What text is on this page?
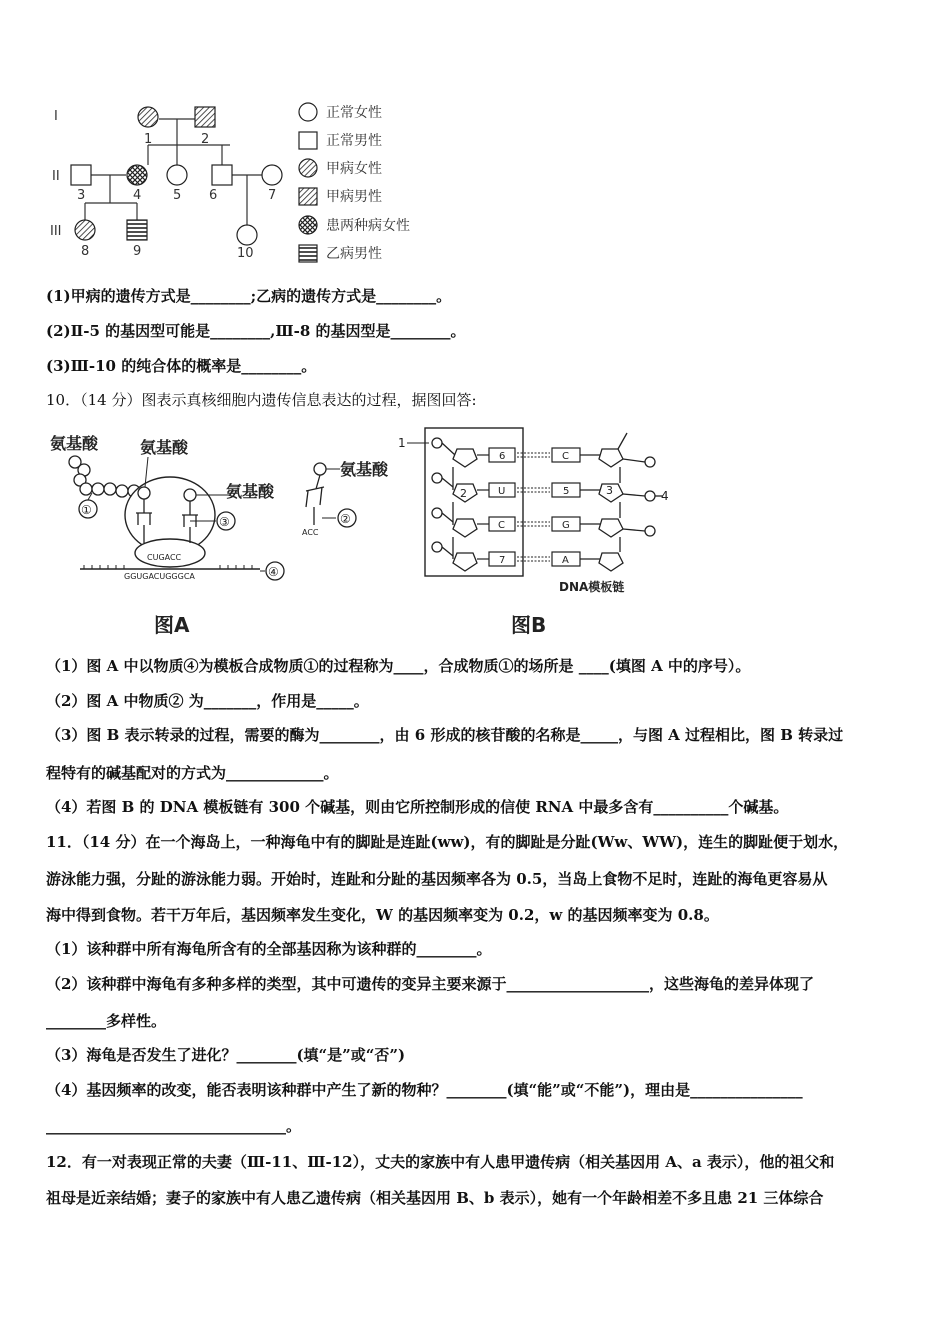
I
II
III
1	2
3	4 5 6	7
8	9	10
正常女性
正常男性
甲病女性
甲病男性
患两种病女性
乙病男性
(1)甲病的遗传方式是________;乙病的遗传方式是________。
(2)Ⅱ-5 的基因型可能是________,Ⅲ-8 的基因型是________。
(3)Ⅲ-10 的纯合体的概率是________。
10．（14 分）图表示真核细胞内遗传信息表达的过程，据图回答:
氨基酸	氨基酸
氨基酸
①
③
CUGACC
GGUGACUGGGCA	④
图A
氨基酸
②
ACC
1
2
6
U
C
7
C
5
G
A
3	4
DNA模板链
图B
（1）图 A 中以物质④为模板合成物质①的过程称为____，合成物质①的场所是 ____(填图 A 中的序号）。
（2）图 A 中物质② 为_______，作用是_____。
（3）图 B 表示转录的过程，需要的酶为________，由 6 形成的核苷酸的名称是_____，与图 A 过程相比，图 B 转录过
程特有的碱基配对的方式为_____________。
（4）若图 B 的 DNA 模板链有 300 个碱基，则由它所控制形成的信使 RNA 中最多含有__________个碱基。
11．（14 分）在一个海岛上，一种海龟中有的脚趾是连趾(ww)，有的脚趾是分趾(Ww、WW)，连生的脚趾便于划水，
游泳能力强，分趾的游泳能力弱。开始时，连趾和分趾的基因频率各为 0.5，当岛上食物不足时，连趾的海龟更容易从
海中得到食物。若干万年后，基因频率发生变化，W 的基因频率变为 0.2，w 的基因频率变为 0.8。
（1）该种群中所有海龟所含有的全部基因称为该种群的________。
（2）该种群中海龟有多种多样的类型，其中可遗传的变异主要来源于___________________，这些海龟的差异体现了
________多样性。
（3）海龟是否发生了进化？________(填“是”或“否”)
（4）基因频率的改变，能否表明该种群中产生了新的物种？________(填“能”或“不能”)，理由是_______________
________________________________。
12．有一对表现正常的夫妻（Ⅲ-11、Ⅲ-12），丈夫的家族中有人患甲遗传病（相关基因用 A、a 表示），他的祖父和
祖母是近亲结婚；妻子的家族中有人患乙遗传病（相关基因用 B、b 表示），她有一个年龄相差不多且患 21 三体综合
